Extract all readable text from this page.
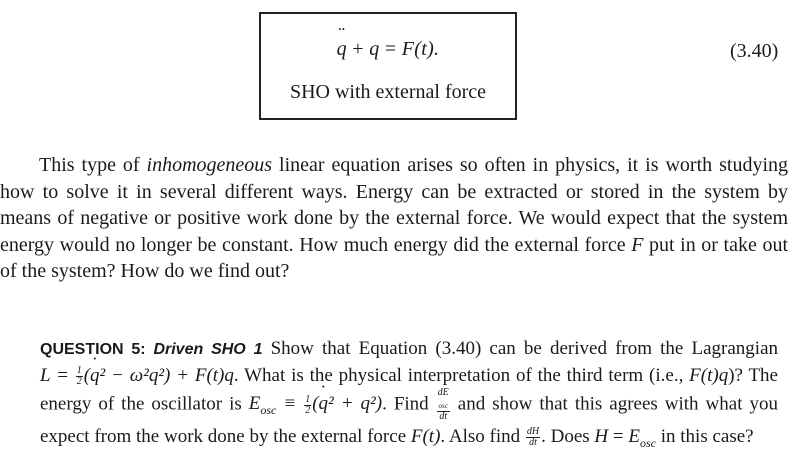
¨ q + q = F(t).
SHO with external force
(3.40)
This type of inhomogeneous linear equation arises so often in physics, it is worth studying how to solve it in several different ways. Energy can be extracted or stored in the system by means of negative or positive work done by the external force. We would expect that the system energy would no longer be constant. How much energy did the external force F put in or take out of the system? How do we find out?
QUESTION 5: Driven SHO 1 Show that Equation (3.40) can be derived from the Lagrangian $L = \frac{1}{2}$ (˙ q² − ω²q²) + F(t)q. What is the physical interpretation of the third term (i.e., F(t)q)? The energy of the oscillator is $E_{osc} \equiv \frac{1}{2}$ (˙ q² + q²). Find dE
$_{osc}$
dt and show that this agrees with what you expect from the work done by the external force F(t). Also find $\frac{dH}{dt}$ . Does $H = E_{osc}$ in this case?
